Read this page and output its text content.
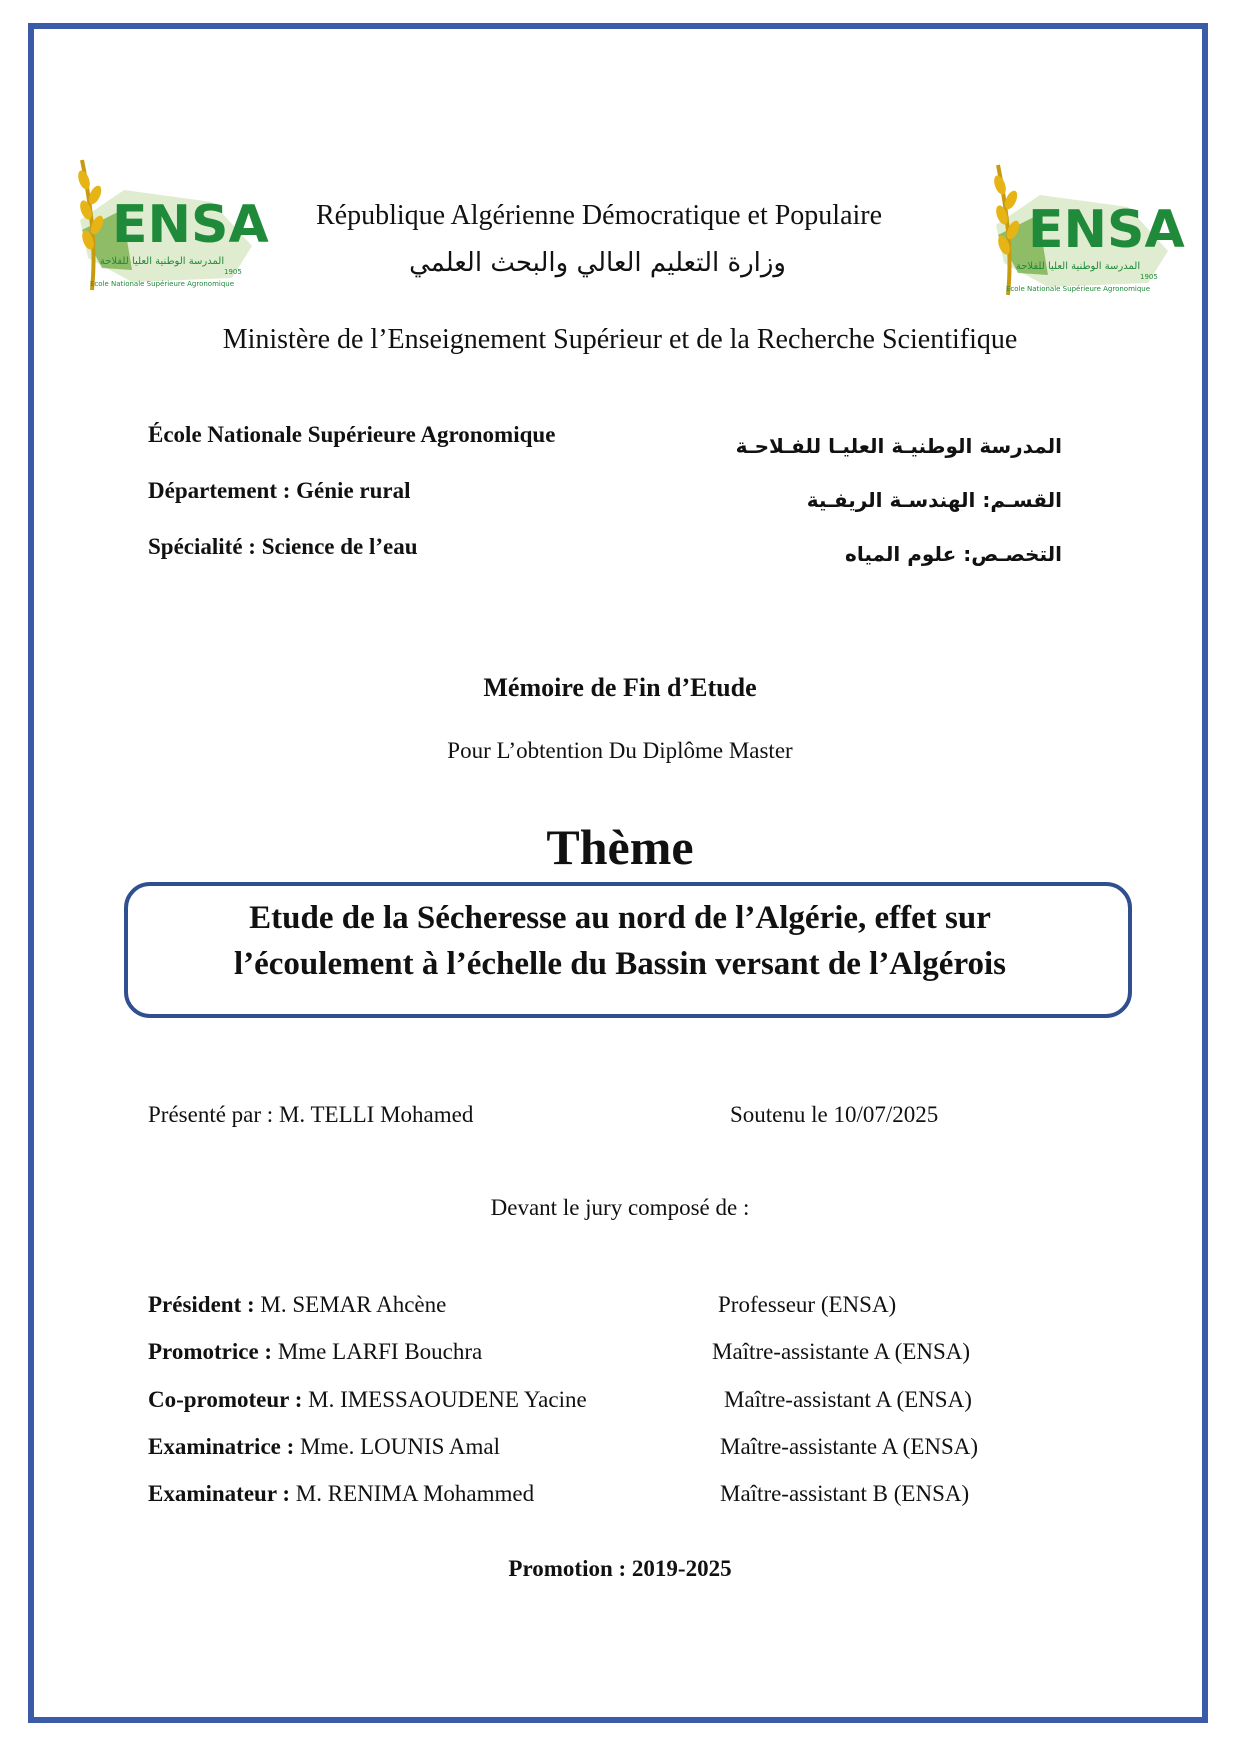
ENSA
المدرسة الوطنية العليا للفلاحة
1905
Ecole Nationale Supérieure Agronomique
ENSA
المدرسة الوطنية العليا للفلاحة
1905
Ecole Nationale Supérieure Agronomique
République Algérienne Démocratique et Populaire
وزارة التعليم العالي والبحث العلمي
Ministère de l’Enseignement Supérieur et de la Recherche Scientifique
École Nationale Supérieure Agronomique
Département : Génie rural
Spécialité : Science de l’eau
المدرسة الوطنيـة العليـا للفـلاحـة
القسـم: الهندسـة الريفـية
التخصـص: علوم المياه
Mémoire de Fin d’Etude
Pour L’obtention Du Diplôme Master
Thème
Etude de la Sécheresse au nord de l’Algérie, effet sur
l’écoulement à l’échelle du Bassin versant de l’Algérois
Présenté par : M. TELLI Mohamed	Soutenu le 10/07/2025
Devant le jury composé de :
Président : M. SEMAR Ahcène	Professeur (ENSA)
Promotrice : Mme LARFI Bouchra	Maître-assistante A (ENSA)
Co-promoteur : M. IMESSAOUDENE Yacine	Maître-assistant A (ENSA)
Examinatrice : Mme. LOUNIS Amal	Maître-assistante A (ENSA)
Examinateur : M. RENIMA Mohammed	Maître-assistant B (ENSA)
Promotion : 2019-2025
